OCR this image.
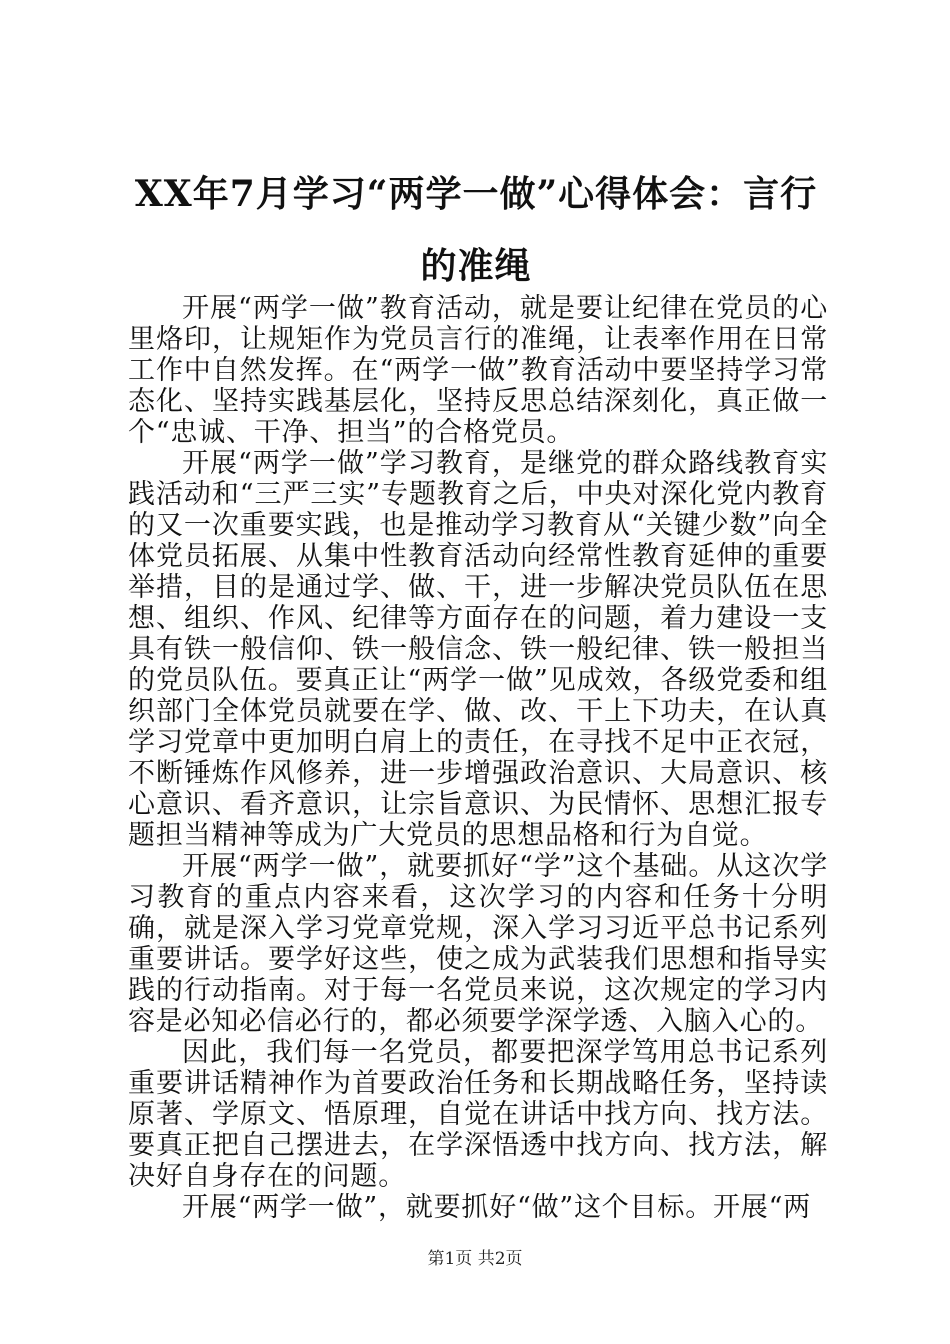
XX年7月学习“两学一做”心得体会：言行的准绳

开展“两学一做”教育活动，就是要让纪律在党员的心里烙印，让规矩作为党员言行的准绳，让表率作用在日常工作中自然发挥。在“两学一做”教育活动中要坚持学习常态化、坚持实践基层化，坚持反思总结深刻化，真正做一个“忠诚、干净、担当”的合格党员。

开展“两学一做”学习教育，是继党的群众路线教育实践活动和“三严三实”专题教育之后，中央对深化党内教育的又一次重要实践，也是推动学习教育从“关键少数”向全体党员拓展、从集中性教育活动向经常性教育延伸的重要举措，目的是通过学、做、干，进一步解决党员队伍在思想、组织、作风、纪律等方面存在的问题，着力建设一支具有铁一般信仰、铁一般信念、铁一般纪律、铁一般担当的党员队伍。要真正让“两学一做”见成效，各级党委和组织部门全体党员就要在学、做、改、干上下功夫，在认真学习党章中更加明白肩上的责任，在寻找不足中正衣冠，不断锤炼作风修养，进一步增强政治意识、大局意识、核心意识、看齐意识，让宗旨意识、为民情怀、思想汇报专题担当精神等成为广大党员的思想品格和行为自觉。

开展“两学一做”，就要抓好“学”这个基础。从这次学习教育的重点内容来看，这次学习的内容和任务十分明确，就是深入学习党章党规，深入学习习近平总书记系列重要讲话。要学好这些，使之成为武装我们思想和指导实践的行动指南。对于每一名党员来说，这次规定的学习内容是必知必信必行的，都必须要学深学透、入脑入心的。

因此，我们每一名党员，都要把深学笃用总书记系列重要讲话精神作为首要政治任务和长期战略任务，坚持读原著、学原文、悟原理，自觉在讲话中找方向、找方法。要真正把自己摆进去，在学深悟透中找方向、找方法，解决好自身存在的问题。

开展“两学一做”，就要抓好“做”这个目标。开展“两

第1页 共2页
